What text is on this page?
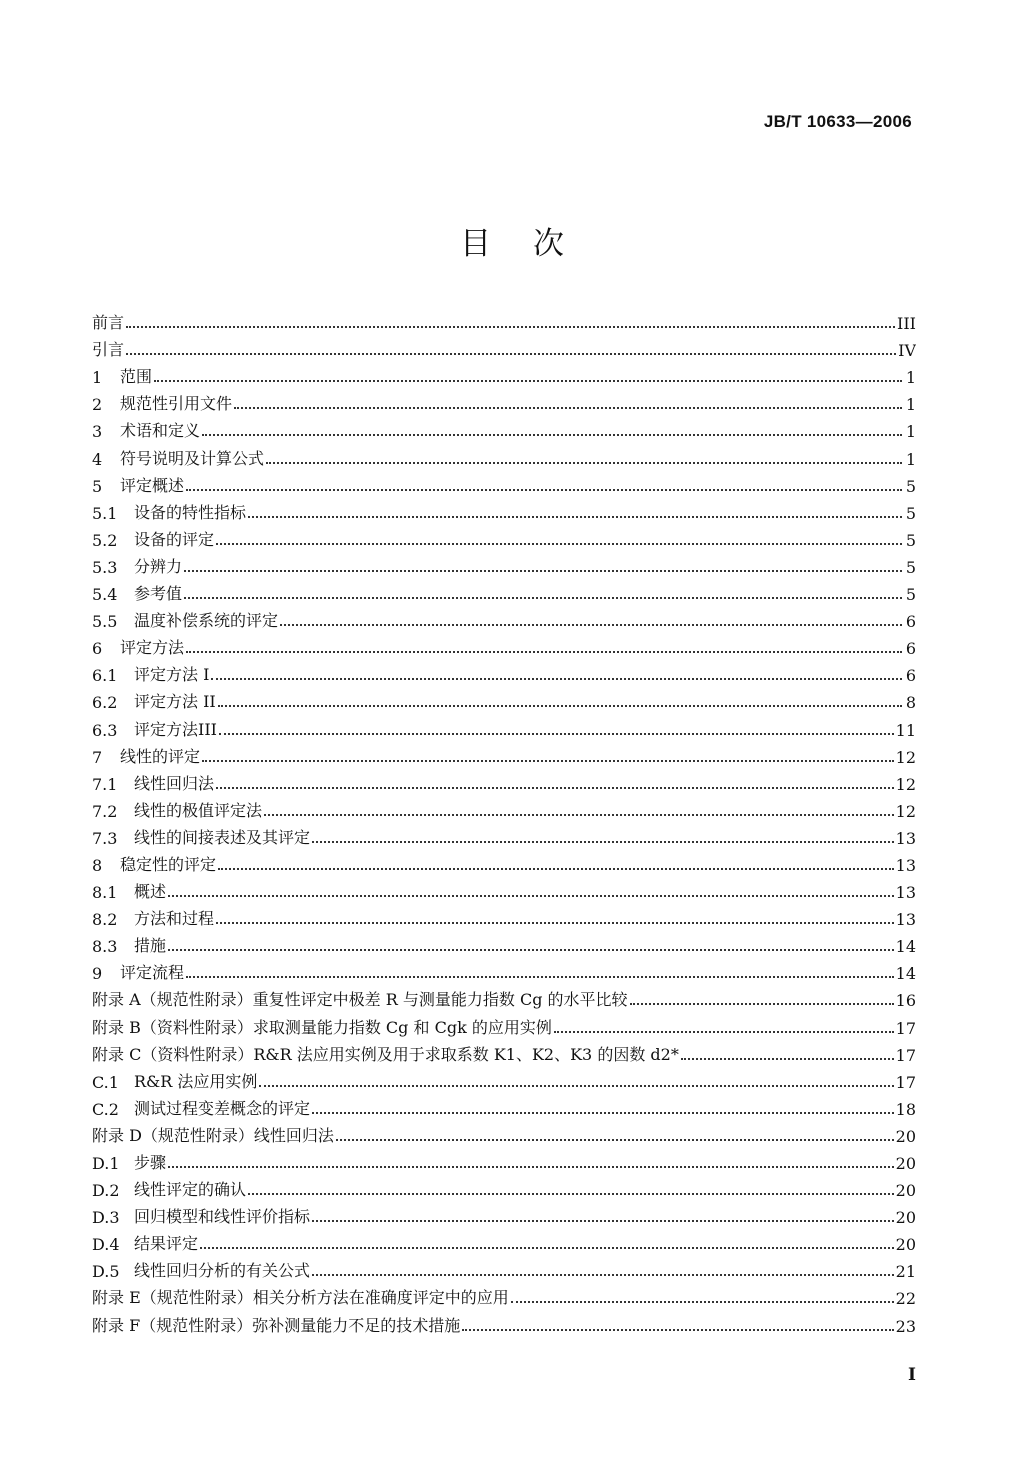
JB/T 10633—2006
目次
前言	III
引言	IV
1	范围	1
2	规范性引用文件	1
3	术语和定义	1
4	符号说明及计算公式	1
5	评定概述	5
5.1	设备的特性指标	5
5.2	设备的评定	5
5.3	分辨力	5
5.4	参考值	5
5.5	温度补偿系统的评定	6
6	评定方法	6
6.1	评定方法 I	6
6.2	评定方法 II	8
6.3	评定方法III	11
7	线性的评定	12
7.1	线性回归法	12
7.2	线性的极值评定法	12
7.3	线性的间接表述及其评定	13
8	稳定性的评定	13
8.1	概述	13
8.2	方法和过程	13
8.3	措施	14
9	评定流程	14
附录 A（规范性附录）重复性评定中极差 R 与测量能力指数 Cg 的水平比较	16
附录 B（资料性附录）求取测量能力指数 Cg 和 Cgk 的应用实例	17
附录 C（资料性附录）R&R 法应用实例及用于求取系数 K1、K2、K3 的因数 d2*	17
C.1 R&R 法应用实例	17
C.2 测试过程变差概念的评定	18
附录 D（规范性附录）线性回归法	20
D.1 步骤	20
D.2 线性评定的确认	20
D.3 回归模型和线性评价指标	20
D.4 结果评定	20
D.5 线性回归分析的有关公式	21
附录 E（规范性附录）相关分析方法在准确度评定中的应用	22
附录 F（规范性附录）弥补测量能力不足的技术措施	23
I
